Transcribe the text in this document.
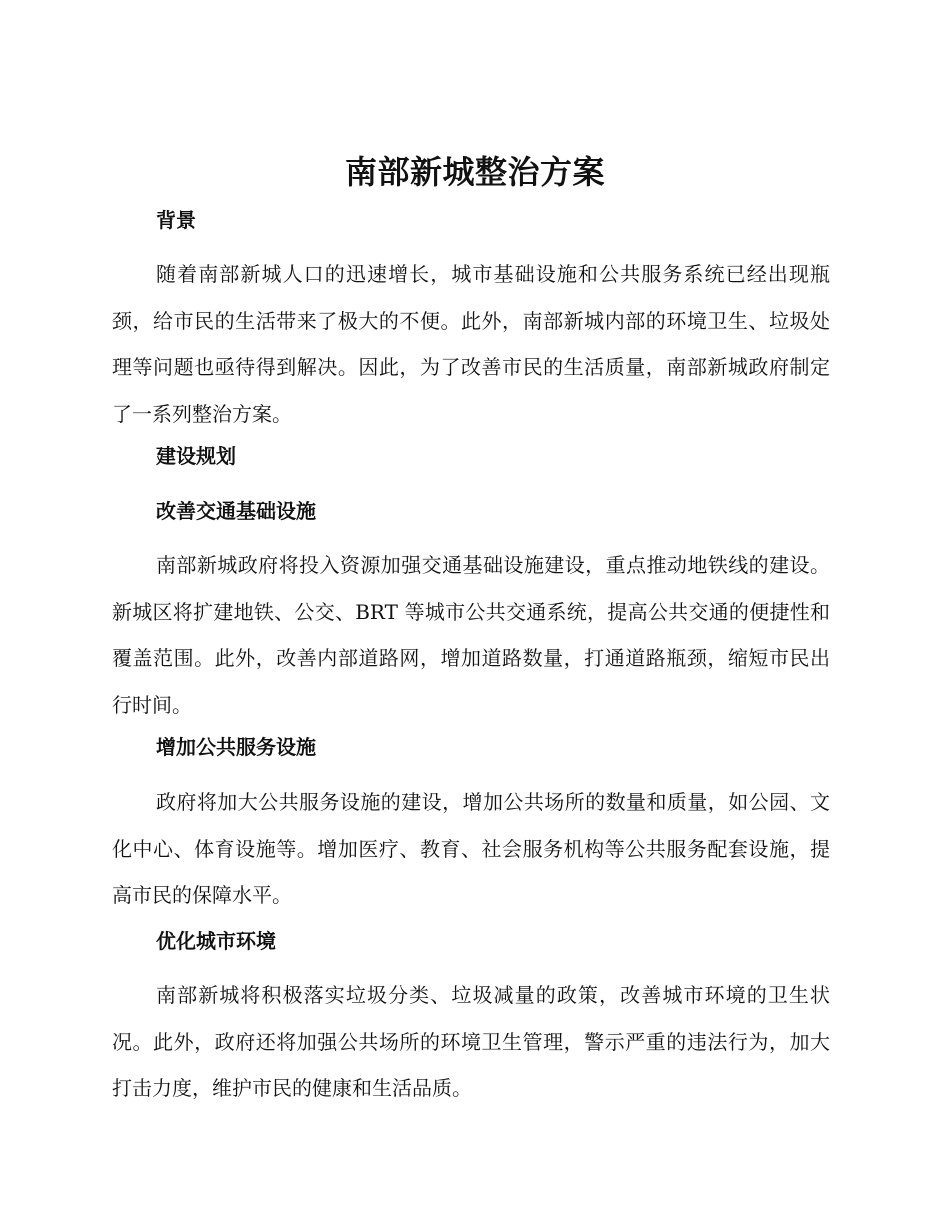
南部新城整治方案
背景

随着南部新城人口的迅速增长，城市基础设施和公共服务系统已经出现瓶颈，给市民的生活带来了极大的不便。此外，南部新城内部的环境卫生、垃圾处理等问题也亟待得到解决。因此，为了改善市民的生活质量，南部新城政府制定了一系列整治方案。

建设规划
改善交通基础设施

南部新城政府将投入资源加强交通基础设施建设，重点推动地铁线的建设。新城区将扩建地铁、公交、BRT 等城市公共交通系统，提高公共交通的便捷性和覆盖范围。此外，改善内部道路网，增加道路数量，打通道路瓶颈，缩短市民出行时间。

增加公共服务设施

政府将加大公共服务设施的建设，增加公共场所的数量和质量，如公园、文化中心、体育设施等。增加医疗、教育、社会服务机构等公共服务配套设施，提高市民的保障水平。

优化城市环境

南部新城将积极落实垃圾分类、垃圾减量的政策，改善城市环境的卫生状况。此外，政府还将加强公共场所的环境卫生管理，警示严重的违法行为，加大打击力度，维护市民的健康和生活品质。
